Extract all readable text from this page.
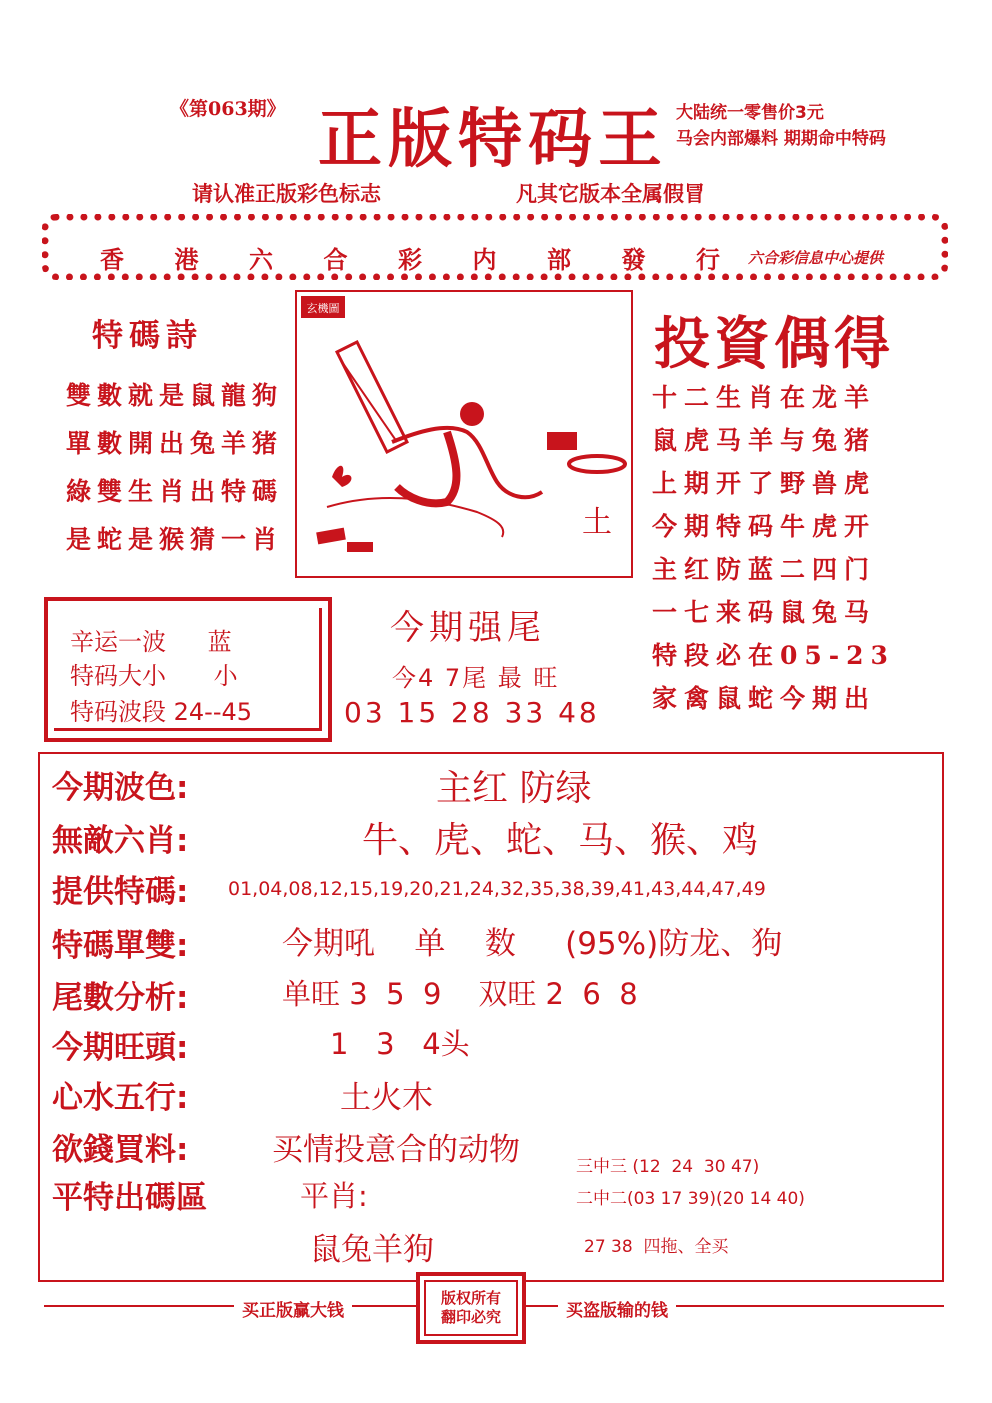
《第063期》 正版特码王 大陆统一零售价3元
马会内部爆料 期期命中特码
请认准正版彩色标志	凡其它版本全属假冒
香 港 六 合 彩 内 部 發 行 六合彩信息中心提供
特碼詩
雙數就是鼠龍狗
單數開出兔羊猪
綠雙生肖出特碼
是蛇是猴猜一肖
玄機圖
土
投資偶得
十二生肖在龙羊
鼠虎马羊与兔猪
上期开了野兽虎
今期特码牛虎开
主红防蓝二四门
一七来码鼠兔马
特段必在05-23
家禽鼠蛇今期出
辛运一波 蓝
特码大小 小
特码波段 24--45
今期强尾
今4 7尾 最 旺
03 15 28 33 48
今期波色:	主红 防绿
無敵六肖:	牛、虎、蛇、马、猴、鸡
提供特碼: 01,04,08,12,15,19,20,21,24,32,35,38,39,41,43,44,47,49
特碼單雙:	今期吼    单    数     (95%)防龙、狗
尾數分析:	单旺 3  5  9    双旺 2  6  8
今期旺頭:	1   3   4头
心水五行:	土火木
欲錢買料:	买情投意合的动物
平特出碼區	平肖:
鼠兔羊狗
三中三 (12  24  30 47)
二中二(03 17 39)(20 14 40)
27 38  四拖、全买
买正版赢大钱	买盗版输的钱
版权所有
翻印必究
